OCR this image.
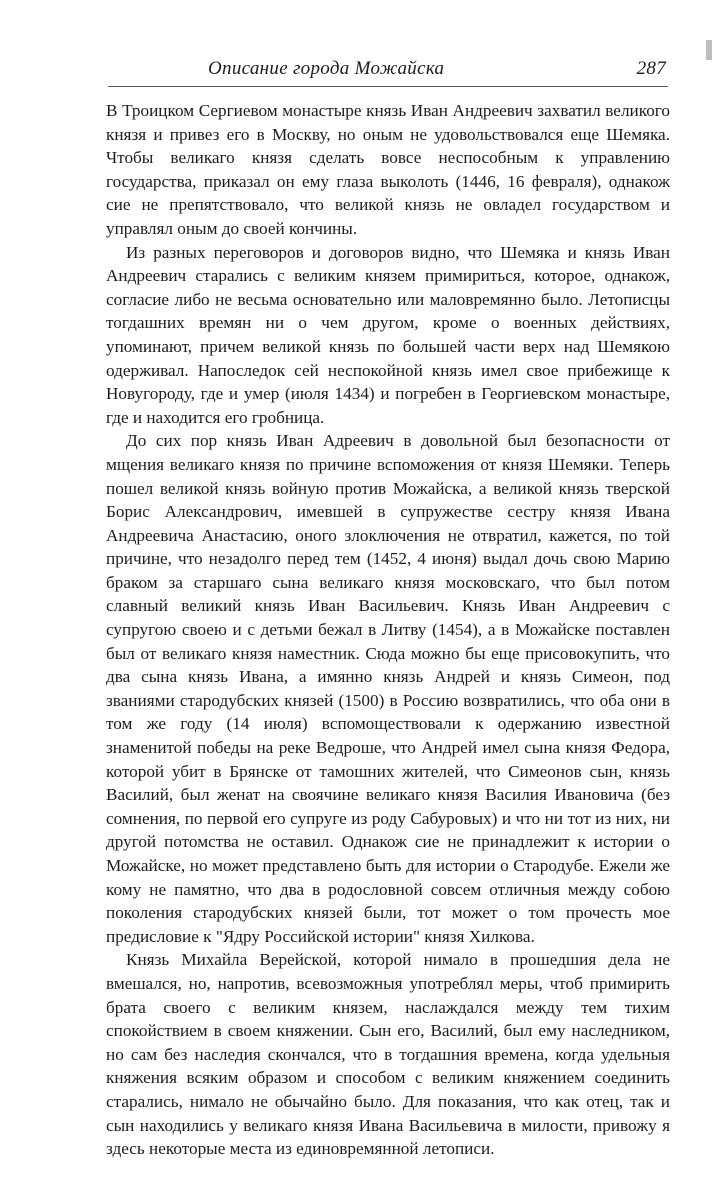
Описание города Можайска	287

В Троицком Сергиевом монастыре князь Иван Андреевич захватил великого князя и привез его в Москву, но оным не удовольствовался еще Шемяка. Чтобы великаго князя сделать вовсе неспособным к управлению государства, приказал он ему глаза выколоть (1446, 16 февраля), однакож сие не препятствовало, что великой князь не овладел государством и управлял оным до своей кончины.

Из разных переговоров и договоров видно, что Шемяка и князь Иван Андреевич старались с великим князем примириться, которое, однакож, согласие либо не весьма основательно или маловремянно было. Летописцы тогдашних времян ни о чем другом, кроме о военных действиях, упоминают, причем великой князь по большей части верх над Шемякою одерживал. Напоследок сей неспокойной князь имел свое прибежище к Новугороду, где и умер (июля 1434) и погребен в Георгиевском монастыре, где и находится его гробница.

До сих пор князь Иван Адреевич в довольной был безопасности от мщения великаго князя по причине вспоможения от князя Шемяки. Теперь пошел великой князь войную против Можайска, а великой князь тверской Борис Александрович, имевшей в супружестве сестру князя Ивана Андреевича Анастасию, оного злоключения не отвратил, кажется, по той причине, что незадолго перед тем (1452, 4 июня) выдал дочь свою Марию браком за старшаго сына великаго князя московскаго, что был потом славный великий князь Иван Васильевич. Князь Иван Андреевич с супругою своею и с детьми бежал в Литву (1454), а в Можайске поставлен был от великаго князя наместник. Сюда можно бы еще присовокупить, что два сына князь Ивана, а имянно князь Андрей и князь Симеон, под званиями стародубских князей (1500) в Россию возвратились, что оба они в том же году (14 июля) вспомоществовали к одержанию известной знаменитой победы на реке Ведроше, что Андрей имел сына князя Федора, которой убит в Брянске от тамошних жителей, что Симеонов сын, князь Василий, был женат на своячине великаго князя Василия Ивановича (без сомнения, по первой его супруге из роду Сабуровых) и что ни тот из них, ни другой потомства не оставил. Однакож сие не принадлежит к истории о Можайске, но может представлено быть для истории о Стародубе. Ежели же кому не памятно, что два в родословной совсем отличныя между собою поколения стародубских князей были, тот может о том прочесть мое предисловие к "Ядру Российской истории" князя Хилкова.

Князь Михайла Верейской, которой нимало в прошедшия дела не вмешался, но, напротив, всевозможныя употреблял меры, чтоб примирить брата своего с великим князем, наслаждался между тем тихим спокойствием в своем княжении. Сын его, Василий, был ему наследником, но сам без наследия скончался, что в тогдашния времена, когда удельныя княжения всяким образом и способом с великим княжением соединить старались, нимало не обычайно было. Для показания, что как отец, так и сын находились у великаго князя Ивана Васильевича в милости, привожу я здесь некоторые места из единовремянной летописи.
